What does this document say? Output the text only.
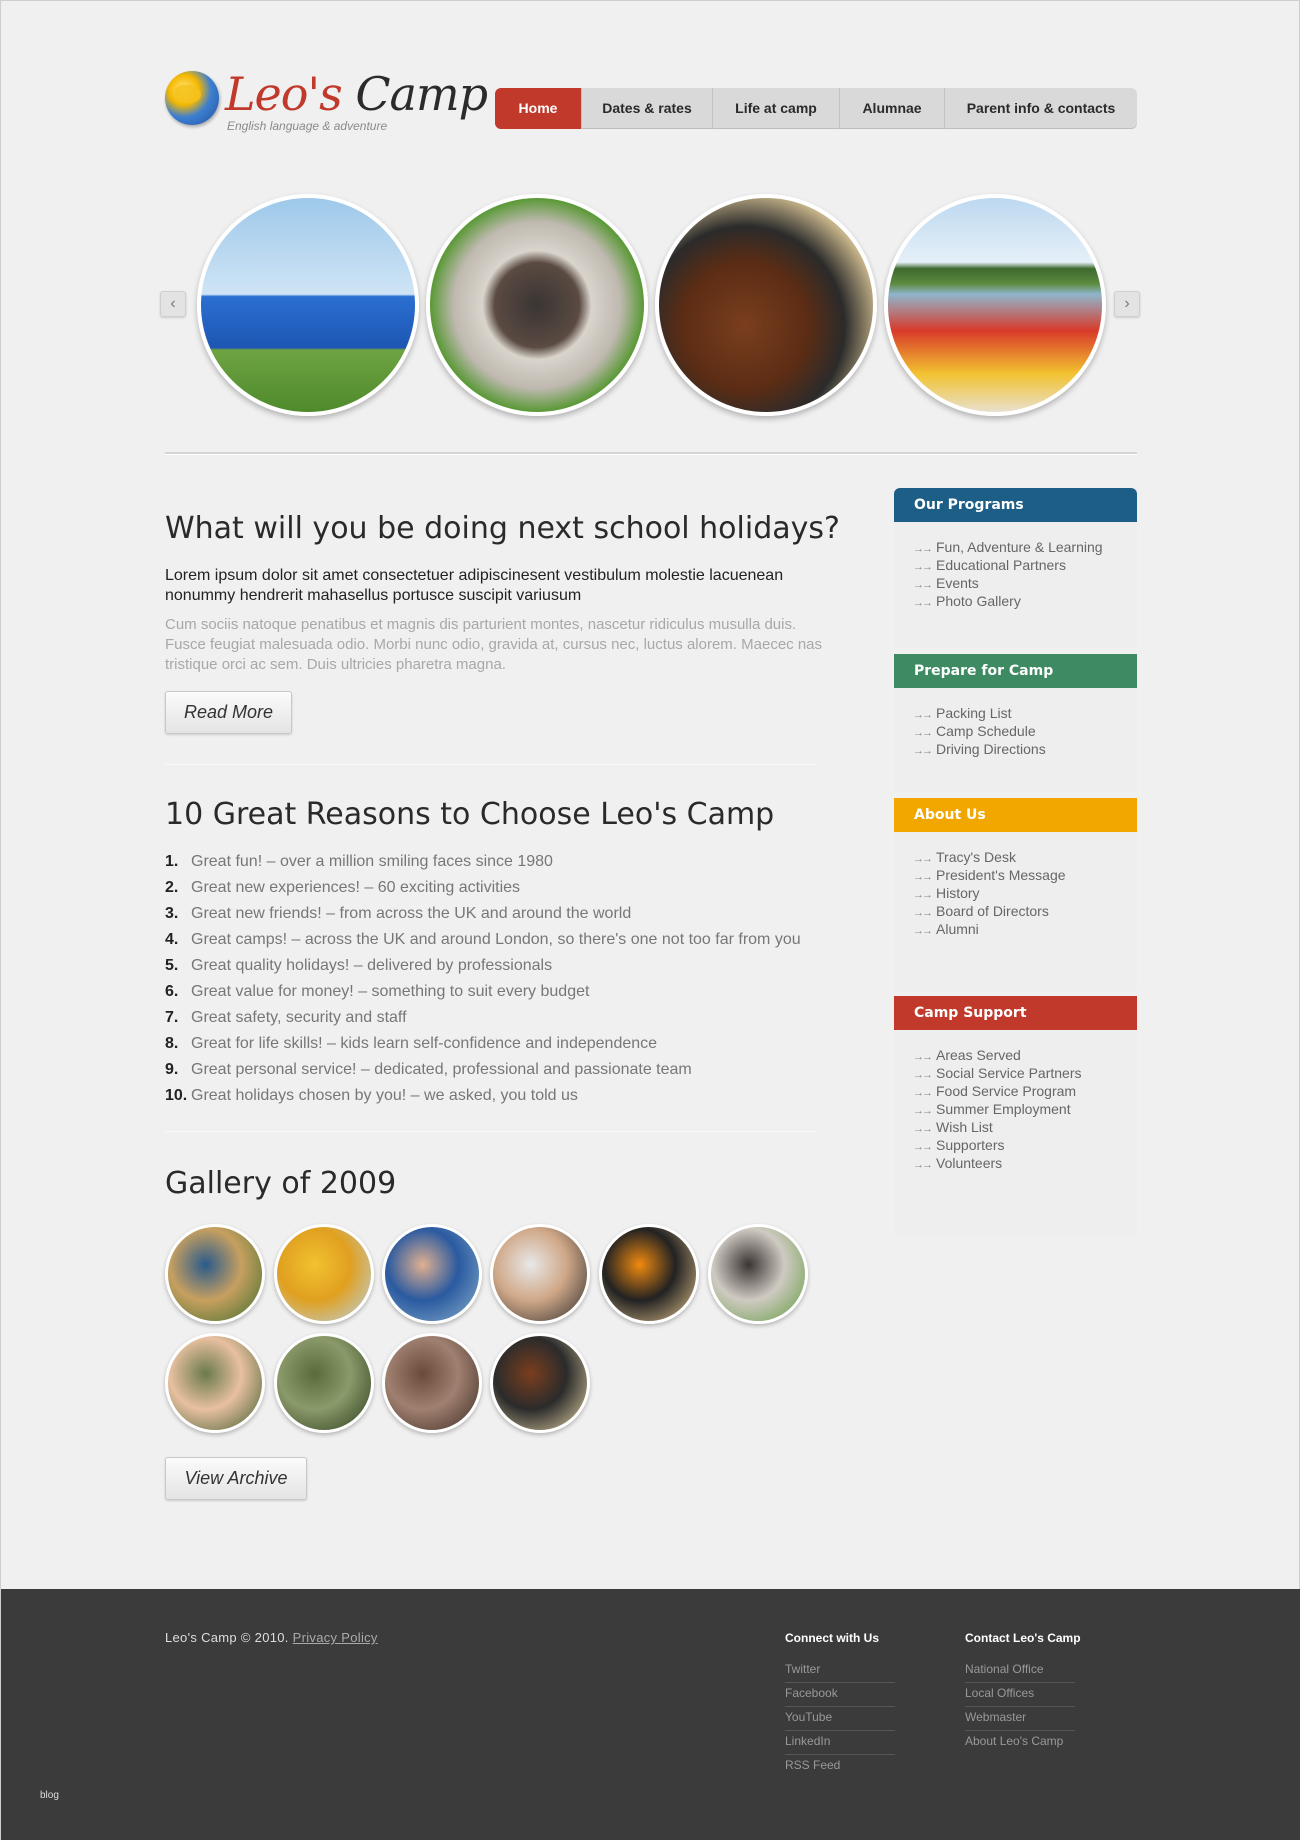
Leo's Camp
English language & adventure
Home	Dates & rates	Life at camp	Alumnae	Parent info & contacts
‹	›
What will you be doing next school holidays?

Lorem ipsum dolor sit amet consectetuer adipiscinesent vestibulum molestie lacuenean nonummy hendrerit mahasellus portusce suscipit variusum

Cum sociis natoque penatibus et magnis dis parturient montes, nascetur ridiculus musulla duis. Fusce feugiat malesuada odio. Morbi nunc odio, gravida at, cursus nec, luctus alorem. Maecec nas tristique orci ac sem. Duis ultricies pharetra magna.

Read More
10 Great Reasons to Choose Leo's Camp
1. Great fun! – over a million smiling faces since 1980
2. Great new experiences! – 60 exciting activities
3. Great new friends! – from across the UK and around the world
4. Great camps! – across the UK and around London, so there's one not too far from you
5. Great quality holidays! – delivered by professionals
6. Great value for money! – something to suit every budget
7. Great safety, security and staff
8. Great for life skills! – kids learn self-confidence and independence
9. Great personal service! – dedicated, professional and passionate team
10. Great holidays chosen by you! – we asked, you told us
Gallery of 2009
View Archive
Our Programs
→→ Fun, Adventure & Learning
→→ Educational Partners
→→ Events
→→ Photo Gallery
Prepare for Camp
→→ Packing List
→→ Camp Schedule
→→ Driving Directions
About Us
→→ Tracy's Desk
→→ President's Message
→→ History
→→ Board of Directors
→→ Alumni
Camp Support
→→ Areas Served
→→ Social Service Partners
→→ Food Service Program
→→ Summer Employment
→→ Wish List
→→ Supporters
→→ Volunteers
Leo's Camp © 2010. Privacy Policy	Connect with Us
Twitter
Facebook
YouTube
LinkedIn
RSS Feed
Contact Leo's Camp
National Office
Local Offices
Webmaster
About Leo's Camp
blog
